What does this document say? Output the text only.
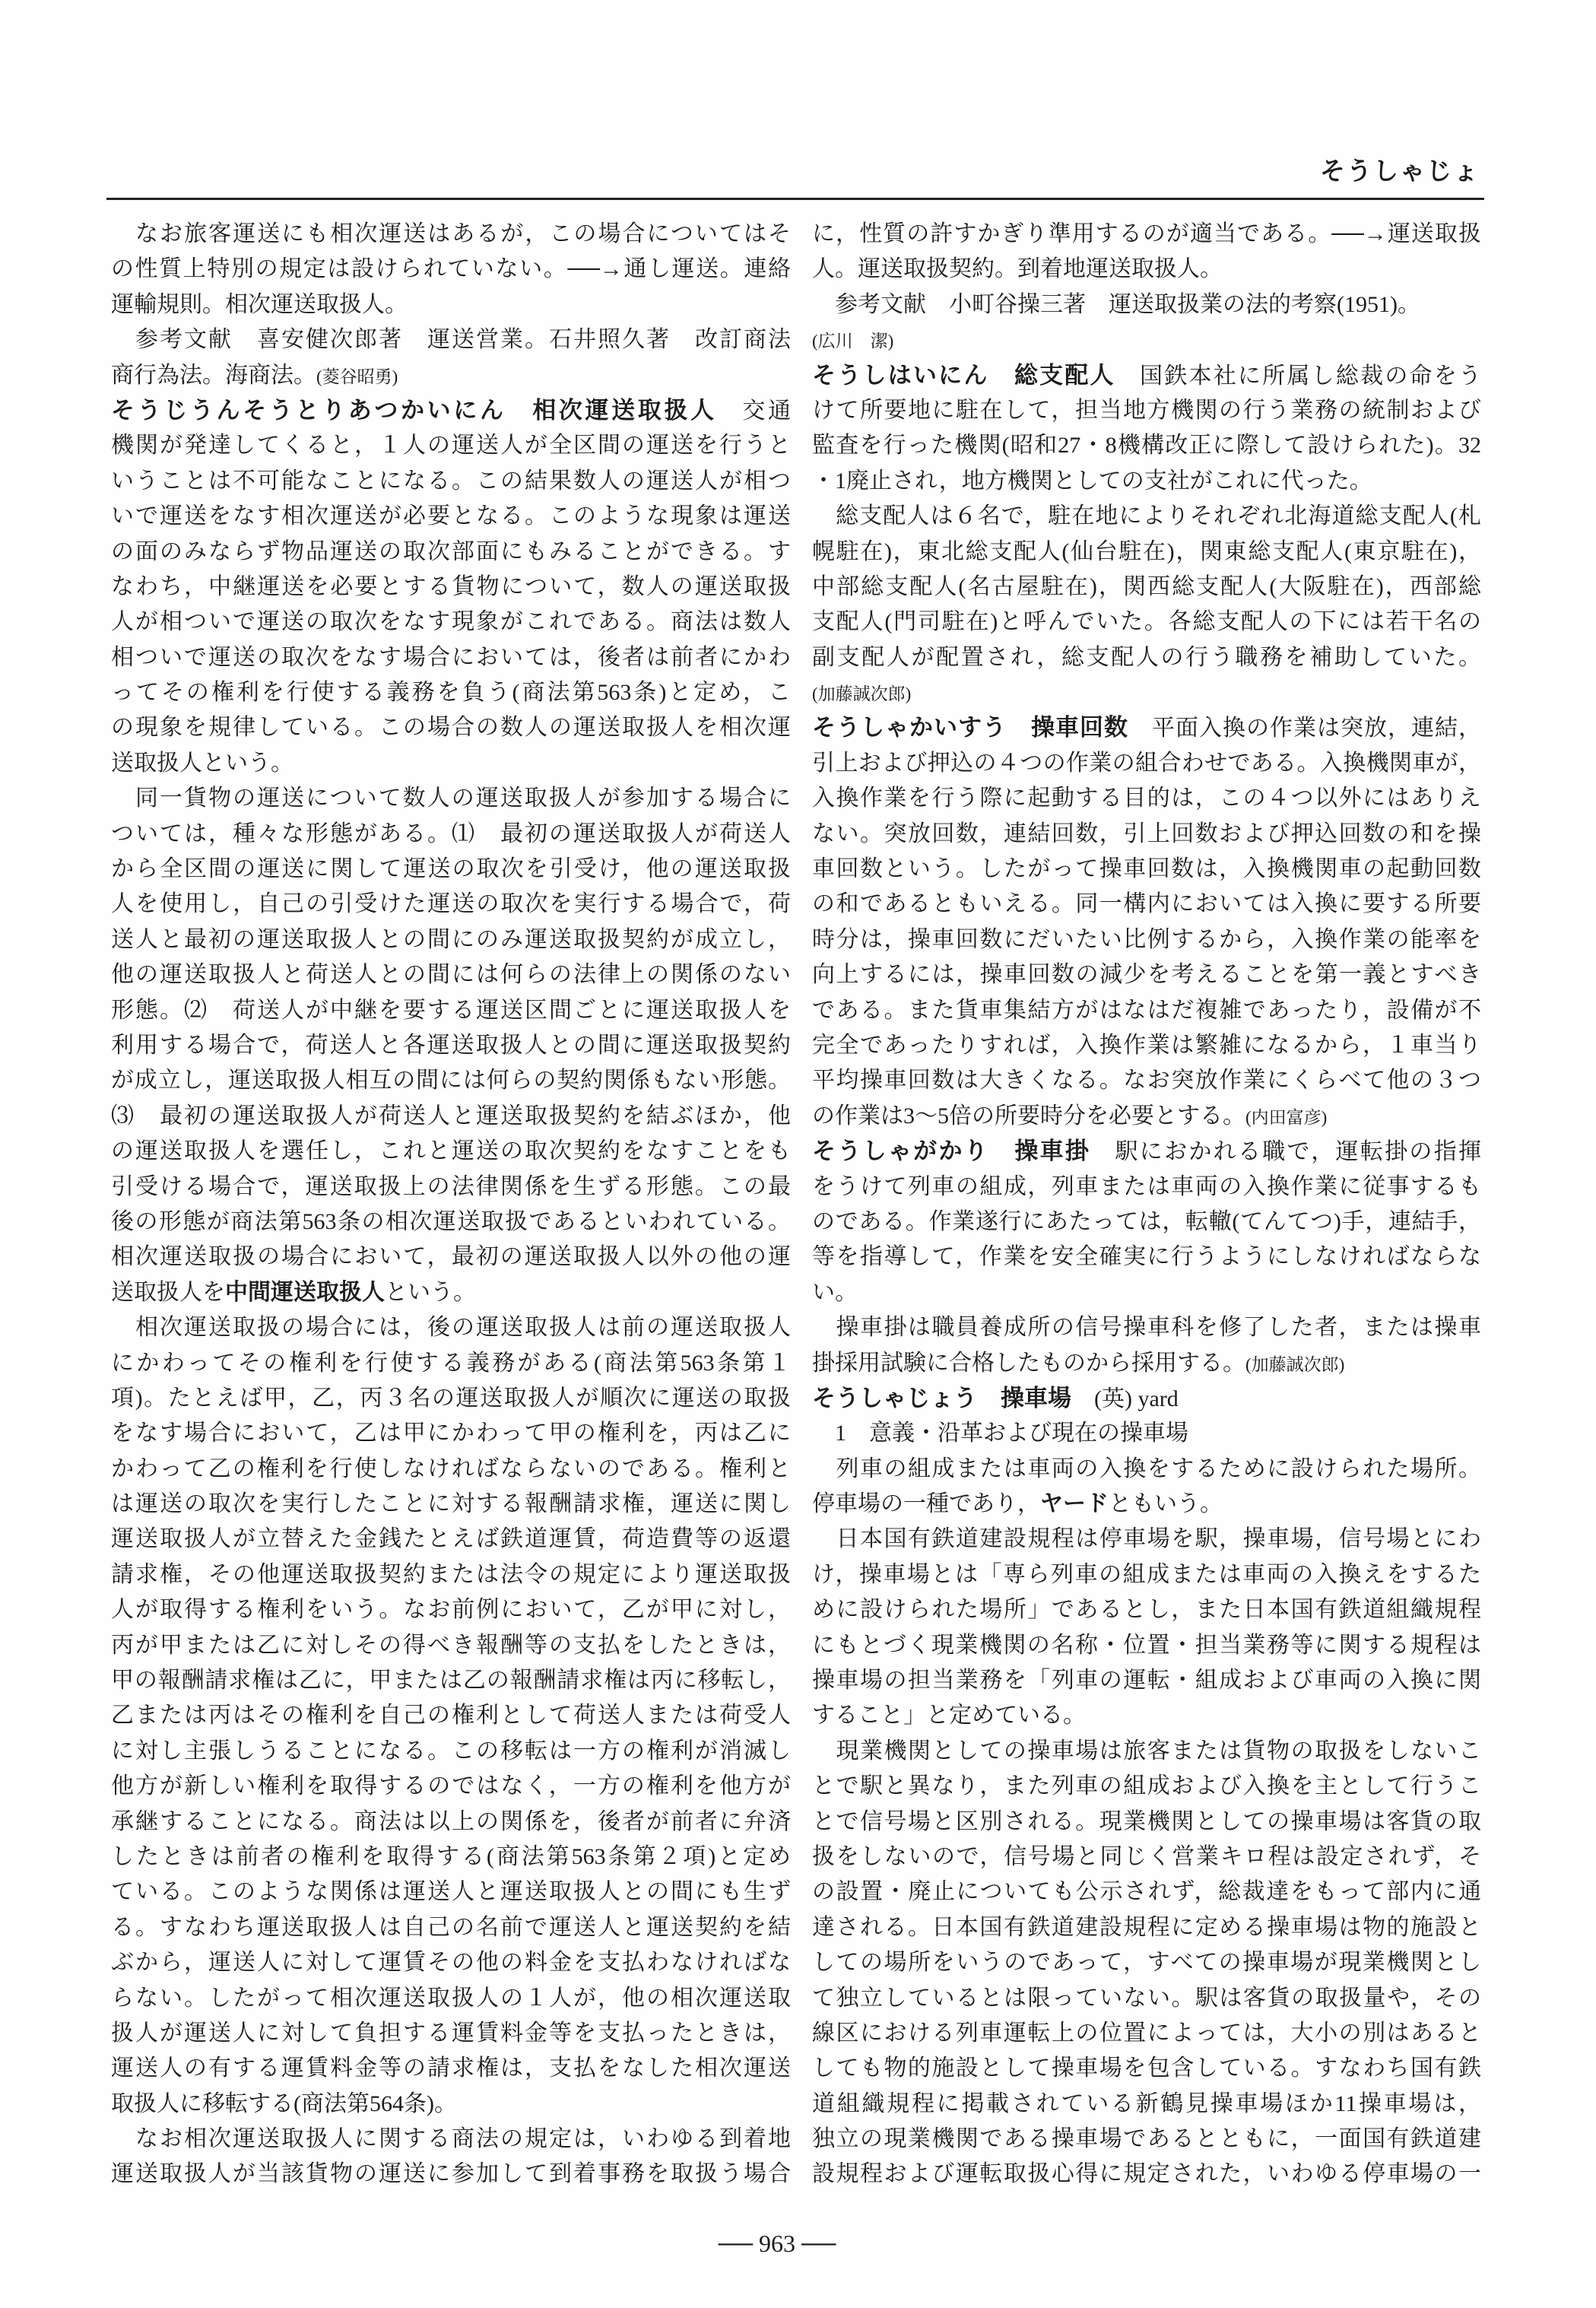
そうしゃじょ
　なお旅客運送にも相次運送はあるが，この場合についてはそ
の性質上特別の規定は設けられていない。──→通し運送。連絡
運輸規則。相次運送取扱人。
　参考文献　喜安健次郎著　運送営業。石井照久著　改訂商法
商行為法。海商法。(菱谷昭勇)
そうじうんそうとりあつかいにん　相次運送取扱人　交通
機関が発達してくると，１人の運送人が全区間の運送を行うと
いうことは不可能なことになる。この結果数人の運送人が相つ
いで運送をなす相次運送が必要となる。このような現象は運送
の面のみならず物品運送の取次部面にもみることができる。す
なわち，中継運送を必要とする貨物について，数人の運送取扱
人が相ついで運送の取次をなす現象がこれである。商法は数人
相ついで運送の取次をなす場合においては，後者は前者にかわ
ってその権利を行使する義務を負う(商法第563条)と定め，こ
の現象を規律している。この場合の数人の運送取扱人を相次運
送取扱人という。
　同一貨物の運送について数人の運送取扱人が参加する場合に
ついては，種々な形態がある。⑴　最初の運送取扱人が荷送人
から全区間の運送に関して運送の取次を引受け，他の運送取扱
人を使用し，自己の引受けた運送の取次を実行する場合で，荷
送人と最初の運送取扱人との間にのみ運送取扱契約が成立し，
他の運送取扱人と荷送人との間には何らの法律上の関係のない
形態。⑵　荷送人が中継を要する運送区間ごとに運送取扱人を
利用する場合で，荷送人と各運送取扱人との間に運送取扱契約
が成立し，運送取扱人相互の間には何らの契約関係もない形態。
⑶　最初の運送取扱人が荷送人と運送取扱契約を結ぶほか，他
の運送取扱人を選任し，これと運送の取次契約をなすことをも
引受ける場合で，運送取扱上の法律関係を生ずる形態。この最
後の形態が商法第563条の相次運送取扱であるといわれている。
相次運送取扱の場合において，最初の運送取扱人以外の他の運
送取扱人を中間運送取扱人という。
　相次運送取扱の場合には，後の運送取扱人は前の運送取扱人
にかわってその権利を行使する義務がある(商法第563条第１
項)。たとえば甲，乙，丙３名の運送取扱人が順次に運送の取扱
をなす場合において，乙は甲にかわって甲の権利を，丙は乙に
かわって乙の権利を行使しなければならないのである。権利と
は運送の取次を実行したことに対する報酬請求権，運送に関し
運送取扱人が立替えた金銭たとえば鉄道運賃，荷造費等の返還
請求権，その他運送取扱契約または法令の規定により運送取扱
人が取得する権利をいう。なお前例において，乙が甲に対し，
丙が甲または乙に対しその得べき報酬等の支払をしたときは，
甲の報酬請求権は乙に，甲または乙の報酬請求権は丙に移転し，
乙または丙はその権利を自己の権利として荷送人または荷受人
に対し主張しうることになる。この移転は一方の権利が消滅し
他方が新しい権利を取得するのではなく，一方の権利を他方が
承継することになる。商法は以上の関係を，後者が前者に弁済
したときは前者の権利を取得する(商法第563条第２項)と定め
ている。このような関係は運送人と運送取扱人との間にも生ず
る。すなわち運送取扱人は自己の名前で運送人と運送契約を結
ぶから，運送人に対して運賃その他の料金を支払わなければな
らない。したがって相次運送取扱人の１人が，他の相次運送取
扱人が運送人に対して負担する運賃料金等を支払ったときは，
運送人の有する運賃料金等の請求権は，支払をなした相次運送
取扱人に移転する(商法第564条)。
　なお相次運送取扱人に関する商法の規定は，いわゆる到着地
運送取扱人が当該貨物の運送に参加して到着事務を取扱う場合
に，性質の許すかぎり準用するのが適当である。──→運送取扱
人。運送取扱契約。到着地運送取扱人。
　参考文献　小町谷操三著　運送取扱業の法的考察(1951)。
(広川　潔)
そうしはいにん　総支配人　国鉄本社に所属し総裁の命をう
けて所要地に駐在して，担当地方機関の行う業務の統制および
監査を行った機関(昭和27・8機構改正に際して設けられた)。32
・1廃止され，地方機関としての支社がこれに代った。
　総支配人は６名で，駐在地によりそれぞれ北海道総支配人(札
幌駐在)，東北総支配人(仙台駐在)，関東総支配人(東京駐在)，
中部総支配人(名古屋駐在)，関西総支配人(大阪駐在)，西部総
支配人(門司駐在)と呼んでいた。各総支配人の下には若干名の
副支配人が配置され，総支配人の行う職務を補助していた。
(加藤誠次郎)
そうしゃかいすう　操車回数　平面入換の作業は突放，連結，
引上および押込の４つの作業の組合わせである。入換機関車が，
入換作業を行う際に起動する目的は，この４つ以外にはありえ
ない。突放回数，連結回数，引上回数および押込回数の和を操
車回数という。したがって操車回数は，入換機関車の起動回数
の和であるともいえる。同一構内においては入換に要する所要
時分は，操車回数にだいたい比例するから，入換作業の能率を
向上するには，操車回数の減少を考えることを第一義とすべき
である。また貨車集結方がはなはだ複雑であったり，設備が不
完全であったりすれば，入換作業は繁雑になるから，１車当り
平均操車回数は大きくなる。なお突放作業にくらべて他の３つ
の作業は3～5倍の所要時分を必要とする。(内田富彦)
そうしゃがかり　操車掛　駅におかれる職で，運転掛の指揮
をうけて列車の組成，列車または車両の入換作業に従事するも
のである。作業遂行にあたっては，転轍(てんてつ)手，連結手，
等を指導して，作業を安全確実に行うようにしなければならな
い。
　操車掛は職員養成所の信号操車科を修了した者，または操車
掛採用試験に合格したものから採用する。(加藤誠次郎)
そうしゃじょう　操車場　(英) yard
　1　意義・沿革および現在の操車場
　列車の組成または車両の入換をするために設けられた場所。
停車場の一種であり，ヤードともいう。
　日本国有鉄道建設規程は停車場を駅，操車場，信号場とにわ
け，操車場とは「専ら列車の組成または車両の入換えをするた
めに設けられた場所」であるとし，また日本国有鉄道組織規程
にもとづく現業機関の名称・位置・担当業務等に関する規程は
操車場の担当業務を「列車の運転・組成および車両の入換に関
すること」と定めている。
　現業機関としての操車場は旅客または貨物の取扱をしないこ
とで駅と異なり，また列車の組成および入換を主として行うこ
とで信号場と区別される。現業機関としての操車場は客貨の取
扱をしないので，信号場と同じく営業キロ程は設定されず，そ
の設置・廃止についても公示されず，総裁達をもって部内に通
達される。日本国有鉄道建設規程に定める操車場は物的施設と
しての場所をいうのであって，すべての操車場が現業機関とし
て独立しているとは限っていない。駅は客貨の取扱量や，その
線区における列車運転上の位置によっては，大小の別はあると
しても物的施設として操車場を包含している。すなわち国有鉄
道組織規程に掲載されている新鶴見操車場ほか11操車場は，
独立の現業機関である操車場であるとともに，一面国有鉄道建
設規程および運転取扱心得に規定された，いわゆる停車場の一
── 963 ──
